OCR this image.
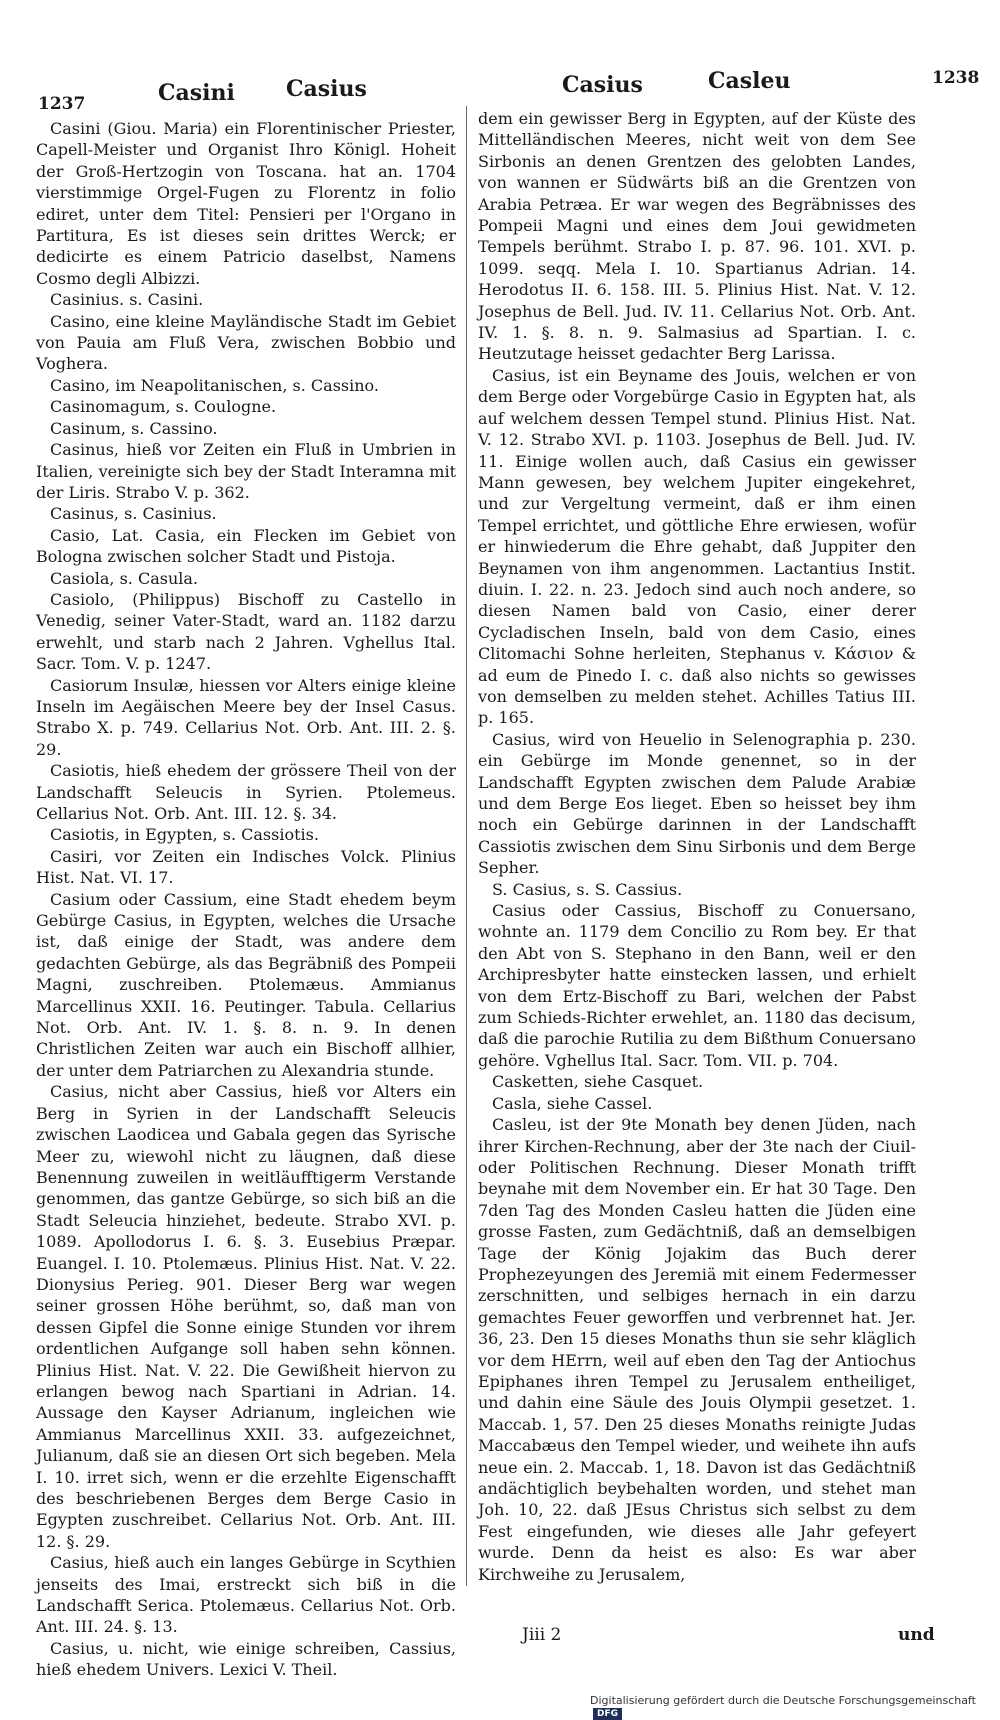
1237	Casini Casius	Casius	Casleu	1238

Casini (Giou. Maria) ein Florentinischer Priester, Capell-Meister und Organist Ihro Königl. Hoheit der Groß-Hertzogin von Toscana. hat an. 1704 vierstimmige Orgel-Fugen zu Florentz in folio ediret, unter dem Titel: Pensieri per l'Organo in Partitura, Es ist dieses sein drittes Werck; er dedicirte es einem Patricio daselbst, Namens Cosmo degli Albizzi.

Casinius. s. Casini.

Casino, eine kleine Mayländische Stadt im Gebiet von Pauia am Fluß Vera, zwischen Bobbio und Voghera.

Casino, im Neapolitanischen, s. Cassino.

Casinomagum, s. Coulogne.

Casinum, s. Cassino.

Casinus, hieß vor Zeiten ein Fluß in Umbrien in Italien, vereinigte sich bey der Stadt Interamna mit der Liris. Strabo V. p. 362.

Casinus, s. Casinius.

Casio, Lat. Casia, ein Flecken im Gebiet von Bologna zwischen solcher Stadt und Pistoja.

Casiola, s. Casula.

Casiolo, (Philippus) Bischoff zu Castello in Venedig, seiner Vater-Stadt, ward an. 1182 darzu erwehlt, und starb nach 2 Jahren. Vghellus Ital. Sacr. Tom. V. p. 1247.

Casiorum Insulæ, hiessen vor Alters einige kleine Inseln im Aegäischen Meere bey der Insel Casus. Strabo X. p. 749. Cellarius Not. Orb. Ant. III. 2. §. 29.

Casiotis, hieß ehedem der grössere Theil von der Landschafft Seleucis in Syrien. Ptolemeus. Cellarius Not. Orb. Ant. III. 12. §. 34.

Casiotis, in Egypten, s. Cassiotis.

Casiri, vor Zeiten ein Indisches Volck. Plinius Hist. Nat. VI. 17.

Casium oder Cassium, eine Stadt ehedem beym Gebürge Casius, in Egypten, welches die Ursache ist, daß einige der Stadt, was andere dem gedachten Gebürge, als das Begräbniß des Pompeii Magni, zuschreiben. Ptolemæus. Ammianus Marcellinus XXII. 16. Peutinger. Tabula. Cellarius Not. Orb. Ant. IV. 1. §. 8. n. 9. In denen Christlichen Zeiten war auch ein Bischoff allhier, der unter dem Patriarchen zu Alexandria stunde.

Casius, nicht aber Cassius, hieß vor Alters ein Berg in Syrien in der Landschafft Seleucis zwischen Laodicea und Gabala gegen das Syrische Meer zu, wiewohl nicht zu läugnen, daß diese Benennung zuweilen in weitläufftigerm Verstande genommen, das gantze Gebürge, so sich biß an die Stadt Seleucia hinziehet, bedeute. Strabo XVI. p. 1089. Apollodorus I. 6. §. 3. Eusebius Præpar. Euangel. I. 10. Ptolemæus. Plinius Hist. Nat. V. 22. Dionysius Perieg. 901. Dieser Berg war wegen seiner grossen Höhe berühmt, so, daß man von dessen Gipfel die Sonne einige Stunden vor ihrem ordentlichen Aufgange soll haben sehn können. Plinius Hist. Nat. V. 22. Die Gewißheit hiervon zu erlangen bewog nach Spartiani in Adrian. 14. Aussage den Kayser Adrianum, ingleichen wie Ammianus Marcellinus XXII. 33. aufgezeichnet, Julianum, daß sie an diesen Ort sich begeben. Mela I. 10. irret sich, wenn er die erzehlte Eigenschafft des beschriebenen Berges dem Berge Casio in Egypten zuschreibet. Cellarius Not. Orb. Ant. III. 12. §. 29.

Casius, hieß auch ein langes Gebürge in Scythien jenseits des Imai, erstreckt sich biß in die Landschafft Serica. Ptolemæus. Cellarius Not. Orb. Ant. III. 24. §. 13.

Casius, u. nicht, wie einige schreiben, Cassius, hieß ehedem Univers. Lexici V. Theil.

dem ein gewisser Berg in Egypten, auf der Küste des Mittelländischen Meeres, nicht weit von dem See Sirbonis an denen Grentzen des gelobten Landes, von wannen er Südwärts biß an die Grentzen von Arabia Petræa. Er war wegen des Begräbnisses des Pompeii Magni und eines dem Joui gewidmeten Tempels berühmt. Strabo I. p. 87. 96. 101. XVI. p. 1099. seqq. Mela I. 10. Spartianus Adrian. 14. Herodotus II. 6. 158. III. 5. Plinius Hist. Nat. V. 12. Josephus de Bell. Jud. IV. 11. Cellarius Not. Orb. Ant. IV. 1. §. 8. n. 9. Salmasius ad Spartian. I. c. Heutzutage heisset gedachter Berg Larissa.

Casius, ist ein Beyname des Jouis, welchen er von dem Berge oder Vorgebürge Casio in Egypten hat, als auf welchem dessen Tempel stund. Plinius Hist. Nat. V. 12. Strabo XVI. p. 1103. Josephus de Bell. Jud. IV. 11. Einige wollen auch, daß Casius ein gewisser Mann gewesen, bey welchem Jupiter eingekehret, und zur Vergeltung vermeint, daß er ihm einen Tempel errichtet, und göttliche Ehre erwiesen, wofür er hinwiederum die Ehre gehabt, daß Juppiter den Beynamen von ihm angenommen. Lactantius Instit. diuin. I. 22. n. 23. Jedoch sind auch noch andere, so diesen Namen bald von Casio, einer derer Cycladischen Inseln, bald von dem Casio, eines Clitomachi Sohne herleiten, Stephanus v. Κάσιον & ad eum de Pinedo I. c. daß also nichts so gewisses von demselben zu melden stehet. Achilles Tatius III. p. 165.

Casius, wird von Heuelio in Selenographia p. 230. ein Gebürge im Monde genennet, so in der Landschafft Egypten zwischen dem Palude Arabiæ und dem Berge Eos lieget. Eben so heisset bey ihm noch ein Gebürge darinnen in der Landschafft Cassiotis zwischen dem Sinu Sirbonis und dem Berge Sepher.

S. Casius, s. S. Cassius.

Casius oder Cassius, Bischoff zu Conuersano, wohnte an. 1179 dem Concilio zu Rom bey. Er that den Abt von S. Stephano in den Bann, weil er den Archipresbyter hatte einstecken lassen, und erhielt von dem Ertz-Bischoff zu Bari, welchen der Pabst zum Schieds-Richter erwehlet, an. 1180 das decisum, daß die parochie Rutilia zu dem Bißthum Conuersano gehöre. Vghellus Ital. Sacr. Tom. VII. p. 704.

Casketten, siehe Casquet.

Casla, siehe Cassel.

Casleu, ist der 9te Monath bey denen Jüden, nach ihrer Kirchen-Rechnung, aber der 3te nach der Ciuil- oder Politischen Rechnung. Dieser Monath trifft beynahe mit dem November ein. Er hat 30 Tage. Den 7den Tag des Monden Casleu hatten die Jüden eine grosse Fasten, zum Gedächtniß, daß an demselbigen Tage der König Jojakim das Buch derer Prophezeyungen des Jeremiä mit einem Federmesser zerschnitten, und selbiges hernach in ein darzu gemachtes Feuer geworffen und verbrennet hat. Jer. 36, 23. Den 15 dieses Monaths thun sie sehr kläglich vor dem HErrn, weil auf eben den Tag der Antiochus Epiphanes ihren Tempel zu Jerusalem entheiliget, und dahin eine Säule des Jouis Olympii gesetzet. 1. Maccab. 1, 57. Den 25 dieses Monaths reinigte Judas Maccabæus den Tempel wieder, und weihete ihn aufs neue ein. 2. Maccab. 1, 18. Davon ist das Gedächtniß andächtiglich beybehalten worden, und stehet man Joh. 10, 22. daß JEsus Christus sich selbst zu dem Fest eingefunden, wie dieses alle Jahr gefeyert wurde. Denn da heist es also: Es war aber Kirchweihe zu Jerusalem,

Jiii 2	und
Digitalisierung gefördert durch die Deutsche Forschungsgemeinschaft DFG
